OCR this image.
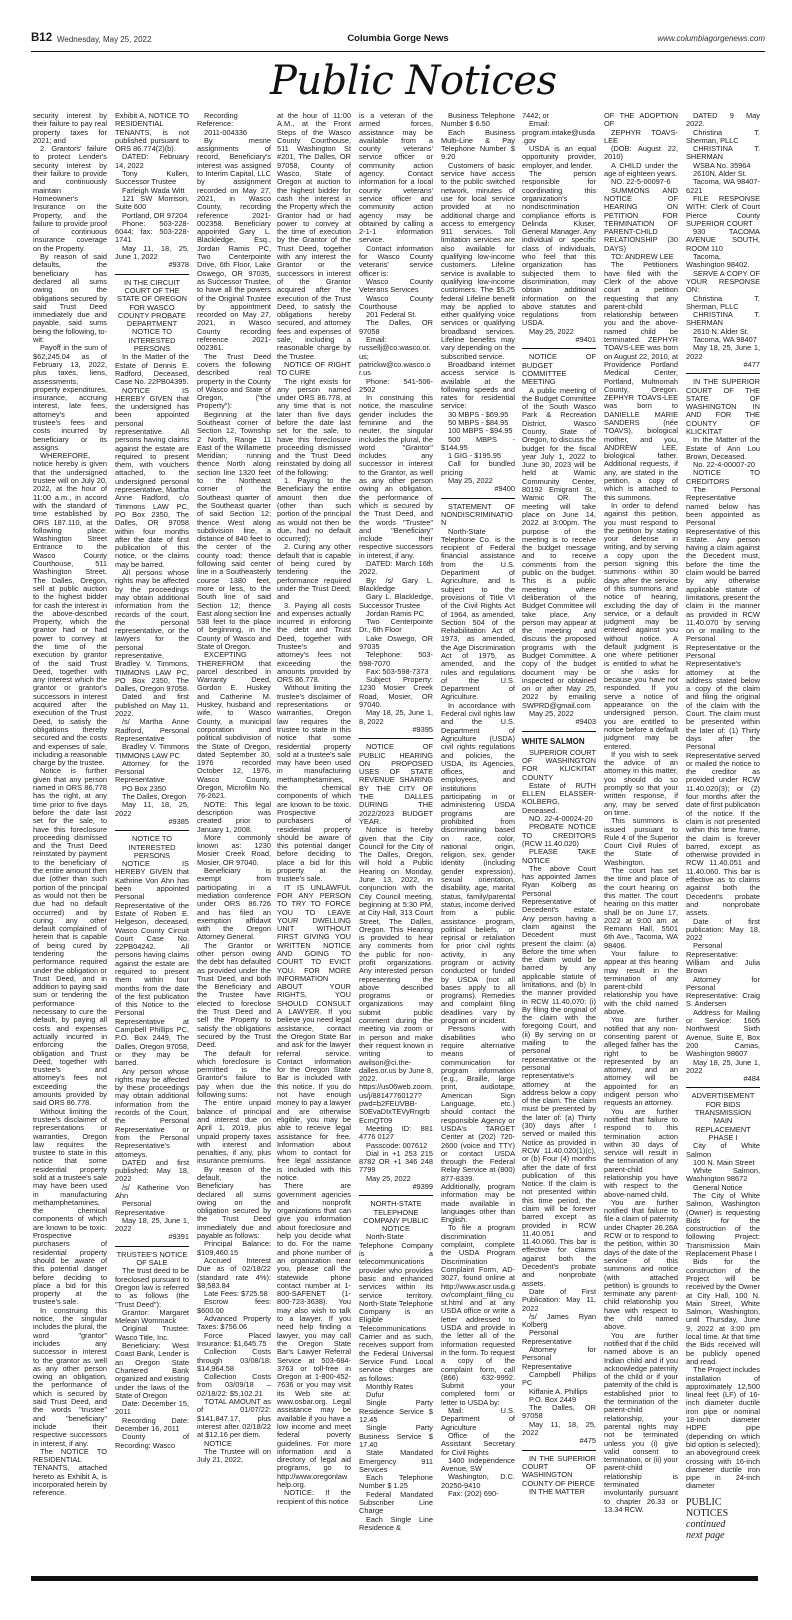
B12 Wednesday, May 25, 2022	Columbia Gorge News	www.columbiagorgenews.com
Public Notices

security interest by their failure to pay real property taxes for 2021; and

2. Grantors' failure to protect Lender's security interest by their failure to provide and continuously maintain Homeowner's Insurance on the Property, and the failure to provide proof of continuous insurance coverage on the Property.

By reason of said defaults, the beneficiary has declared all sums owing on the obligations secured by said Trust Deed immediately due and payable, said sums being the following, to-wit:

Payoff in the sum of $62,245.04 as of February 13, 2022, plus taxes, liens, assessments, property expenditures, insurance, accruing interest, late fees, attorney's and trustee's fees and costs incurred by beneficiary or its assigns.

WHEREFORE, notice hereby is given that the undersigned trustee will on July 20, 2022, at the hour of 11:00 a.m., in accord with the standard of time established by ORS 187.110, at the following place: Washington Street Entrance to the Wasco County Courthouse, 511 Washington Street, The Dalles, Oregon, sell at public auction to the highest bidder for cash the interest in the above-described Property, which the grantor had or had power to convey at the time of the execution by grantor of the said Trust Deed, together with any interest which the grantor or grantor's successors in interest acquired after the execution of the Trust Deed, to satisfy the obligations thereby secured and the costs and expenses of sale, including a reasonable charge by the trustee.

Notice is further given that any person named in ORS 86.778 has the right, at any time prior to five days before the date last set for the sale, to have this foreclosure proceeding dismissed and the Trust Deed reinstated by payment to the beneficiary of the entire amount then due (other than such portion of the principal as would not then be due had no default occurred) and by curing any other default complained of herein that is capable of being cured by tendering the performance required under the obligation or Trust Deed, and in addition to paying said sum or tendering the performance necessary to cure the default, by paying all costs and expenses actually incurred in enforcing the obligation and Trust Deed, together with trustee's and attorney's fees not exceeding the amounts provided by said ORS 86.778.

Without limiting the trustee's disclaimer of representations or warranties, Oregon law requires the trustee to state in this notice that some residential property sold at a trustee's sale may have been used in manufacturing methamphetamines, the chemical components of which are known to be toxic. Prospective purchasers of residential property should be aware of this potential danger before deciding to place a bid for this property at the trustee's sale.

In construing this notice, the singular includes the plural, the word "grantor" includes any successor in interest to the grantor as well as any other person owing an obligation, the performance of which is secured by said Trust Deed, and the words "trustee" and "beneficiary" include their respective successors in interest, if any.

The NOTICE TO RESIDENTIAL TENANTS, attached hereto as Exhibit A, is incorporated herein by reference.

Exhibit A, NOTICE TO RESIDENTIAL TENANTS, is not published pursuant to ORS 86.774(2)(b).

DATED: February 14, 2022

Tony Kullen, Successor Trustee

Farleigh Wada Witt

121 SW Morrison, Suite 600

Portland, OR 97204

Phone: 503-228-6044; fax: 503-228-1741

May 11, 18, 25, June 1, 2022

#9378

IN THE CIRCUIT COURT OF THE STATE OF OREGON FOR WASCO COUNTY PROBATE DEPARTMENT NOTICE TO INTERESTED PERSONS

In the Matter of the Estate of Dennis E. Radford, Deceased, Case No. 22PB04395.

NOTICE IS HEREBY GIVEN that the undersigned has been appointed personal representative. All persons having claims against the estate are required to present them, with vouchers attached, to the undersigned personal representative, Martha Anne Radford, c/o Timmons LAW PC, PO Box 2350, The Dalles, OR 97058 within four months after the date of first publication of this notice, or the claims may be barred.

All persons whose rights may be affected by the proceedings may obtain additional information from the records of the court, the personal representative, or the lawyers for the personal representative, Bradley V. Timmons, TIMMONS LAW PC, PO Box 2350, The Dalles, Oregon 97058.

Dated and first published on May 11, 2022.

/s/ Martha Anne Radford, Personal Representative

Bradley V. Timmons TIMMONS LAW PC

Attorney for the Personal Representative

PO Box 2350

The Dalles, Oregon

May 11, 18, 25, 2022

#9385

NOTICE TO INTERESTED PERSONS

NOTICE IS HEREBY GIVEN that Kathrine Von Ahn has been appointed Personal Representative of the Estate of Robert E. Helgeson, deceased, Wasco County Circuit Court Case No. 22PB04242. All persons having claims against the estate are required to present them within four months from the date of the first publication of this Notice to the Personal Representative at Campbell Phillips PC, P.O. Box 2449, The Dalles, Oregon 97058, or they may be barred.

Any person whose rights may be affected by these proceedings may obtain additional information from the records of the Court, the Personal Representative or from the Personal Representative's attorneys.

DATED and first published: May 18, 2022

/s/ Katherine Von Ahn

Personal Representative

May 18, 25, June 1, 2022

#9391

TRUSTEE'S NOTICE OF SALE

The trust deed to be foreclosed pursuant to Oregon law is referred to as follows (the "Trust Deed"):

Grantor: Margaret Melean Wommack

Original Trustee: Wasco Title, Inc.

Beneficiary: West Coast Bank, Lender is an Oregon State Chartered Bank organized and existing under the laws of the State of Oregon

Date: December 15, 2011

Recording Date: December 16, 2011

County of Recording: Wasco

Recording Reference:

2011-004336

By mesne assignments of record, Beneficiary's interest was assigned to Interim Capital, LLC by assignment recorded on May 27, 2021, in Wasco County, recording reference 2021-002358. Beneficiary appointed Gary L. Blackledge, Esq., Jordan Ramis PC, Two Centerpointe Drive, 6th Floor, Lake Oswego, OR 97035, as Successor Trustee, to have all the powers of the Original Trustee by appointment recorded on May 27, 2021, in Wasco County recording reference 2021-002361.

The Trust Deed covers the following described real property in the County of Wasco and State of Oregon, ("the Property"):

Beginning at the Southeast corner of Section 12, Township 2 North, Range 11 East of the Willamette Meridian; running thence North along section line 1320 feet to the Northeast corner of the Southeast quarter of the Southeast quarter of said Section 12; thence West along subdivision line, a distance of 840 feet to the center of the county road; thence following said center line in a Southeasterly course 1380 feet, more or less, to the South line of said Section 12; thence East along section line 538 feet to the place of beginning, in the County of Wasco and State of Oregon.

EXCEPTING THEREFROM that parcel described in Warranty Deed, Gordon E. Huskey and Catherine M. Huskey, husband and wife, to Wasco County, a municipal corporation and political subdivision of the State of Oregon, dated September 30, 1976 recorded October 12, 1976, Wasco County, Oregon, Microfilm No. 76-2621.

NOTE: This legal description was created prior to January 1, 2008.

More commonly known as: 1230 Mosier Creek Road, Mosier, OR 97040.

Beneficiary is exempt from participating in a mediation conference under ORS 86.726 and has filed an exemption affidavit with the Oregon Attorney General.

The Grantor or other person owing the debt has defaulted as provided under the Trust Deed, and both the Beneficiary and the Trustee have elected to foreclose the Trust Deed and sell the Property to satisfy the obligations secured by the Trust Deed.

The default for which foreclosure is permitted is the Grantor's failure to pay when due the following sums:

The entire unpaid balance of principal and interest due on April 1, 2019, plus unpaid property taxes with interest and penalties, if any, plus insurance premiums.

By reason of the default, the Beneficiary has declared all sums owing on the obligation secured by the Trust Deed immediately due and payable as follows:

Principal Balance: $109,460.15

Accrued Interest Due as of 02/18/22 (standard rate 4%): $8,583.84

Late Fees: $725.58

Escrow fees: $600.00

Advanced Property Taxes: $756.06

Force Placed Insurance: $1,645.75

Collection Costs through 03/08/18: $14,964.58

Collection Costs from 03/09/18 – 02/18/22: $5,102.21

TOTAL AMOUNT as of 01/07/22: $141,847.17, plus interest after 02/18/22 at $12.16 per diem.

NOTICE

The Trustee will on July 21, 2022,

at the hour of 11:00 A.M., at the Front Steps of the Wasco County Courthouse, 511 Washington St #201, The Dalles, OR 97058, County of Wasco, State of Oregon at auction to the highest bidder for cash the interest in the Property which the Grantor had or had power to convey at the time of execution by the Grantor of the Trust Deed, together with any interest the Grantor or the successors in interest of the Grantor acquired after the execution of the Trust Deed, to satisfy the obligations hereby secured, and attorney fees and expenses of sale, including a reasonable charge by the Trustee.

NOTICE OF RIGHT TO CURE

The right exists for any person named under ORS 86.778, at any time that is not later than five days before the date last set for the sale, to have this foreclosure proceeding dismissed and the Trust Deed reinstated by doing all of the following:

1. Paying to the Beneficiary the entire amount then due (other than such portion of the principal as would not then be due, had no default occurred);

2. Curing any other default that is capable of being cured by tendering the performance required under the Trust Deed; and

3. Paying all costs and expenses actually incurred in enforcing the debt and Trust Deed, together with Trustee's and attorney's fees not exceeding the amounts provided by ORS 86.778.

Without limiting the trustee's disclaimer of representations or warranties, Oregon law requires the trustee to state in this notice that some residential property sold at a trustee's sale may have been used in manufacturing methamphetamines, the chemical components of which are known to be toxic. Prospective purchasers of residential property should be aware of this potential danger before deciding to place a bid for this property at the trustee's sale.

IT IS UNLAWFUL FOR ANY PERSON TO TRY TO FORCE YOU TO LEAVE YOUR DWELLING UNIT WITHOUT FIRST GIVING YOU WRITTEN NOTICE AND GOING TO COURT TO EVICT YOU. FOR MORE INFORMATION ABOUT YOUR RIGHTS, YOU SHOULD CONSULT A LAWYER. If you believe you need legal assistance, contact the Oregon State Bar and ask for the lawyer referral service. Contact information for the Oregon State Bar is included with this notice. If you do not have enough money to pay a lawyer and are otherwise eligible, you may be able to receive legal assistance for free. Information about whom to contact for free legal assistance is included with this notice.

There are government agencies and nonprofit organizations that can give you information about foreclosure and help you decide what to do. For the name and phone number of an organization near you, please call the statewide phone contact number at 1-800-SAFENET (1-800-723-3638). You may also wish to talk to a lawyer. If you need help finding a lawyer, you may call the Oregon State Bar's Lawyer Referral Service at 503-684-3763 or toll-free in Oregon at 1-800-452-7636 or you may visit its Web site at: www.osbar.org. Legal assistance may be available if you have a low income and meet federal poverty guidelines. For more information and a directory of legal aid programs, go to http://www.oregonlawhelp.org.

NOTICE: If the recipient of this notice

is a veteran of the armed forces, assistance may be available from a county veterans' service officer or community action agency. Contact information for a local county veterans' service officer and community action agency may be obtained by calling a 2-1-1 information service.

Contact information for Wasco County veterans' service officer is:

Wasco County Veterans Services

Wasco County Courthouse

201 Federal St.

The Dalles, OR 97058

Email: russellj@co.wasco.or.us; patrickw@co.wasco.or.us

Phone: 541-506-2502

In construing this notice, the masculine gender includes the feminine and the neuter, the singular includes the plural, the word "Grantor" includes any successor in interest to the Grantor, as well as any other person owing an obligation, the performance of which is secured by the Trust Deed, and the words "Trustee" and "Beneficiary" include their respective successors in interest, if any.

DATED: March 16th 2022.

By: /s/ Gary L. Blackledge

Gary L. Blackledge, Successor Trustee

Jordan Ramis PC

Two Centerpointe Dr., 6th Floor

Lake Oswego, OR 97035

Telephone: 503-598-7070

Fax: 503-598-7373

Subject Property: 1230 Mosier Creek Road, Mosier, OR 97040.

May 18, 25, June 1, 8, 2022

#9395

NOTICE OF PUBLIC HEARING ON PROPOSED USES OF STATE REVENUE SHARING BY THE CITY OF THE DALLES DURING THE 2022/2023 BUDGET YEAR.

Notice is hereby given that the City Council for the City of The Dalles, Oregon, will hold a Public Hearing on Monday, June 13, 2022, in conjunction with the City Council meeting, beginning at 5:30 PM, at City Hall, 313 Court Street, The Dalles, Oregon. This Hearing is provided to hear any comments from the public for non-profit organizations. Any interested person representing the above described programs or organizations may submit public comment during the meeting via zoom or in person and make their request known in writing to awilson@ci.the-dalles.or.us by June 8, 2022. https://us06web.zoom.us/j/88147760127?pwd=b2FEUVBB-S0EvaDIxTEVyRngrbEcmQT09

Meeting ID: 881 4776 0127

Passcode: 007612

Dial in +1 253 215 8782 OR +1 346 248 7799

May 25, 2022

#9399

NORTH-STATE TELEPHONE COMPANY PUBLIC NOTICE

North-State Telephone Company is a telecommunications provider who provides basic and enhanced services within its service territory. North-State Telephone Company is an Eligible Telecommunications Carrier and as such, receives support from the Federal Universal Service Fund. Local service charges are as follows:

Monthly Rates

Dufur

Single Party Residence Service $ 12.45

Single Party Business Service $ 17.40

State Mandated Emergency 911 Services

Each Telephone Number $ 1.25

Federal Mandated Subscriber Line Charge

Each Single Line Residence &

Business Telephone Number $ 6.50

Each Business Multi-Line & Pay Telephone Number $ 9.20

Customers of basic service have access to the public switched network, minutes of use for local service provided at no additional charge and access to emergency 911 services. Toll limitation services are also available for qualifying low-income customers. Lifeline service is available to qualifying low-income customers. The $5.25 federal Lifeline benefit may be applied to either qualifying voice services or qualifying broadband services. Lifeline benefits may vary depending on the subscribed service.

Broadband internet access service is available at the following speeds and rates for residential service:

30 MBPS - $69.95

50 MBPS - $84.95

100 MBPS - $94.95

500 MBPS - $144.95

1 GIG - $195.95

Call for bundled pricing

May 25, 2022

#9400

STATEMENT OF NONDISCRIMINATION

North-State Telephone Co. is the recipient of Federal financial assistance from the U.S. Department of Agriculture, and is subject to the provisions of Title VI of the Civil Rights Act of 1964, as amended, Section 504 of the Rehabilitation Act of 1973, as amended, the Age Discrimination Act of 1975, as amended, and the rules and regulations of the U.S. Department of Agriculture.

In accordance with Federal civil rights law and the U.S. Department of Agriculture (USDA) civil rights regulations and policies, the USDA, its Agencies, offices, and employees, and institutions participating in or administering USDA programs are prohibited from discriminating based on race, color, national origin, religion, sex, gender identity (including gender expression), sexual orientation, disability, age, marital status, family/parental status, income derived from a public assistance program, political beliefs, or reprisal or retaliation for prior civil rights activity, in any program or activity conducted or funded by USDA (not all bases apply to all programs). Remedies and complaint filing deadlines vary by program or incident.

Persons with disabilities who require alternative means of communication for program information (e.g., Braille, large print, audiotape, American Sign Language, etc.) should contact the responsible Agency or USDA's TARGET Center at (202) 720-2600 (voice and TTY) or contact USDA through the Federal Relay Service at (800) 877-8339. Additionally, program information may be made available in languages other than English.

To file a program discrimination complaint, complete the USDA Program Discrimination Complaint Form, AD-3027, found online at http://www.ascr.usda.gov/complaint_filing_cust.html and at any USDA office or write a letter addressed to USDA and provide in the letter all of the information requested in the form. To request a copy of the complaint form, call (866) 632-9992. Submit your completed form or letter to USDA by:

Mail: U.S. Department of Agriculture

Office of the Assistant Secretary for Civil Rights

1400 Independence Avenue, SW

Washington, D.C. 20250-9410

Fax: (202) 690-

7442; or

Email: program.intake@usda.gov

USDA is an equal opportunity provider, employer, and lender.

The person responsible for coordinating this organization's nondiscrimination compliance efforts is Delinda Kluser, General Manager. Any individual or specific class of individuals, who feel that this organization has subjected them to discrimination, may obtain additional information on the above statutes and regulations from USDA.

May 25, 2022

#9401

NOTICE OF BUDGET COMMITTEE MEETING

A public meeting of the Budget Committee of the South Wasco Park & Recreation District, Wasco County, State of Oregon, to discuss the budget for the fiscal year July 1, 2022 to June 30, 2023 will be held at Wamic Community Center, 80192 Emigrant St., Wamic OR. The meeting will take place on June 14, 2022 at 3:00pm. The purpose of the meeting is to receive the budget message and to receive comments from the public on the budget. This is a public meeting where deliberation of the Budget Committee will take place. Any person may appear at the meeting and discuss the proposed programs with the Budget Committee. A copy of the budget document may be inspected or obtained on or after May 25, 2022 by emailing SWPRD@gmail.com

May 25, 2022

#9403

WHITE SALMON

SUPERIOR COURT OF WASHINGTON FOR KLICKITAT COUNTY

Estate of RUTH ELLEN ELASSER-KOLBERG, Deceased.

NO. 22-4-00024-20

PROBATE NOTICE TO CREDITORS (RCW 11.40.020)

PLEASE TAKE NOTICE

The above Court has appointed James Ryan Kolberg as Personal Representative of Decedent's estate. Any person having a claim against the Decedent must present the claim: (a) Before the time when the claim would be barred by any applicable statute of limitations, and (b) In the manner provided in RCW 11.40.070: (i) By filing the original of the claim with the foregoing Court, and (ii) By serving on or mailing to the personal representative or the personal representative's attorney at the address below a copy of the claim. The claim must be presented by the later of: (a) Thirty (30) days after I served or mailed this Notice as provided in RCW 11.40.020(1)(c), or (b) Four (4) months after the date of first publication of this Notice. If the claim is not presented within this time period, the claim will be forever barred except as provided in RCW 11.40.051 and 11.40.060. This bar is effective for claims against both the Decedent's probate and nonprobate assets.

Date of First Publication: May 11, 2022

/s/ James Ryan Kolberg

Personal Representative

Attorney for Personal Representative

Campbell Phillips PC

Kiffanie A. Phillips

P.O. Box 2449

The Dalles, OR 97058

May 11, 18, 25, 2022

#475

IN THE SUPERIOR COURT OF WASHINGTON COUNTY OF PIERCE

IN THE MATTER

OF THE ADOPTION OF

ZEPHYR TOAVS-LEE

(DOB: August 22, 2010)

A CHILD under the age of eighteen years.

NO. 22-5-00097-6

SUMMONS AND NOTICE OF HEARING ON PETITION FOR TERMINATION OF PARENT-CHILD RELATIONSHIP (30 DAYS)

TO: ANDREW LEE

The Petitioners have filed with the Clerk of the above court a petition requesting that any parent-child relationship between you and the above-named child be terminated. ZEPHYR TOAVS-LEE was born on August 22, 2010, at Providence Portland Medical Center, Portland, Multnomah County, Oregon. ZEPHYR TOAVS-LEE was born to DANIELLE MARIE SANDERS (née TOAVS), biological mother, and you, ANDREW LEE, biological father. Additional requests, if any, are stated in the petition, a copy of which is attached to this summons.

In order to defend against this petition, you must respond to the petition by stating your defense in writing, and by serving a copy upon the person signing this summons within 30 days after the service of this summons and notice of hearing, excluding the day of service, or a default judgment may be entered against you without notice. A default judgment is one where petitioner is entitled to what he or she asks for because you have not responded. If you serve a notice of appearance on the undersigned person, you are entitled to notice before a default judgment may be entered.

If you wish to seek the advice of an attorney in this matter, you should do so promptly so that your written response, if any, may be served on time.

This summons is issued pursuant to Rule 4 of the Superior Court Civil Rules of the State of Washington.

The court has set the time and place of the court hearing on this matter. The court hearing on this matter shall be on June 17, 2022 at 9:00 am at Remann Hall, 5501 6th Ave., Tacoma, WA 98406.

Your failure to appear at this hearing may result in the termination of any parent-child relationship you have with the child named above.

You are further notified that any non-consenting parent or alleged father has the right to be represented by an attorney, and an attorney will be appointed for an indigent person who requests an attorney.

You are further notified that failure to respond to this termination action within 30 days of service will result in the termination of any parent-child relationship you have with respect to the above-named child.

You are further notified that failure to file a claim of paternity under Chapter 26.26A RCW or to respond to the petition, within 30 days of the date of the service of this summons and notice (with attached petition) is grounds to terminate any parent-child relationship you have with respect to the child named above.

You are further notified that if the child named above is an Indian child and if you acknowledge paternity of the child or if your paternity of the child is established prior to the termination of the parent-child relationship, your parental rights may not be terminated unless you (i) give valid consent to termination, or (ii) your parent-child relationship is terminated involuntarily pursuant to chapter 26.33 or 13.34 RCW.

DATED 9 May 2022.

Christina T. Sherman, PLLC

CHRISTINA T. SHERMAN

WSBA No. 35964

2610N. Alder St.

Tacoma, WA 98407-6221

FILE RESPONSE WITH: Clerk of Court Pierce County SUPERIOR COURT

930 TACOMA AVENUE SOUTH, ROOM 110

Tacoma, Washington 98402.

SERVE A COPY OF YOUR RESPONSE ON:

Christina T. Sherman, PLLC

CHRISTINA T. SHERMAN

2610 N. Alder St.

Tacoma, WA 98407

May 18, 25, June 1, 2022

#477

IN THE SUPERIOR COURT OF THE STATE OF WASHINGTON IN AND FOR THE COUNTY OF KLICKITAT

In the Matter of the Estate of Ann Lou Brown, Deceased.

No. 22-4-00007-20

NOTICE TO CREDITORS

The Personal Representative named below has been appointed as Personal Representative of this Estate. Any person having a claim against the Decedent must, before the time the claim would be barred by any otherwise applicable statute of limitations, present the claim in the manner as provided in RCW 11.40.070 by serving on or mailing to the Personal Representative or the Personal Representative's attorney at the address stated below a copy of the claim and filing the original of the claim with the Court. The claim must be presented within the later of: (1) Thirty days after the Personal Representative served or mailed the notice to the creditor as provided under RCW 11.40.020(3); or (2) four months after the date of first publication of the notice. If the claim is not presented within this time frame, the claim is forever barred, except as otherwise provided in RCW 11.40.051 and 11.40.060. This bar is effective as to claims against both the Decedent's probate and nonprobate assets.

Date of first publication: May 18, 2022

Personal Representative: William and Julia Brown

Attorney for Personal Representative: Craig S. Andersen

Address for Mailing or Service: 1605 Northwest Sixth Avenue, Suite E, Box 200 Camas, Washington 98607

May 18, 25, June 1, 2022

#484

ADVERTISEMENT FOR BIDS TRANSMISSION MAIN REPLACEMENT PHASE I

City of White Salmon

100 N. Main Street

White Salmon, Washington 98672

General Notice

The City of White Salmon, Washington (Owner) is requesting Bids for the construction of the following Project: Transmission Main Replacement Phase I

Bids for the construction of the Project will be received by the Owner at City Hall, 100 N. Main Street, White Salmon, Washington, until Thursday, June 9, 2022 at 3:00 pm local time. At that time the Bids received will be publicly opened and read.

The Project includes installation of approximately 12,500 lineal feet (LF) of 16-inch diameter ductile iron pipe or nominal 18-inch diameter HDPE pipe (depending on which bid option is selected); an aboveground creek crossing with 16-inch diameter ductile iron pipe in 24-inch diameter

PUBLIC NOTICES
continued
next page
